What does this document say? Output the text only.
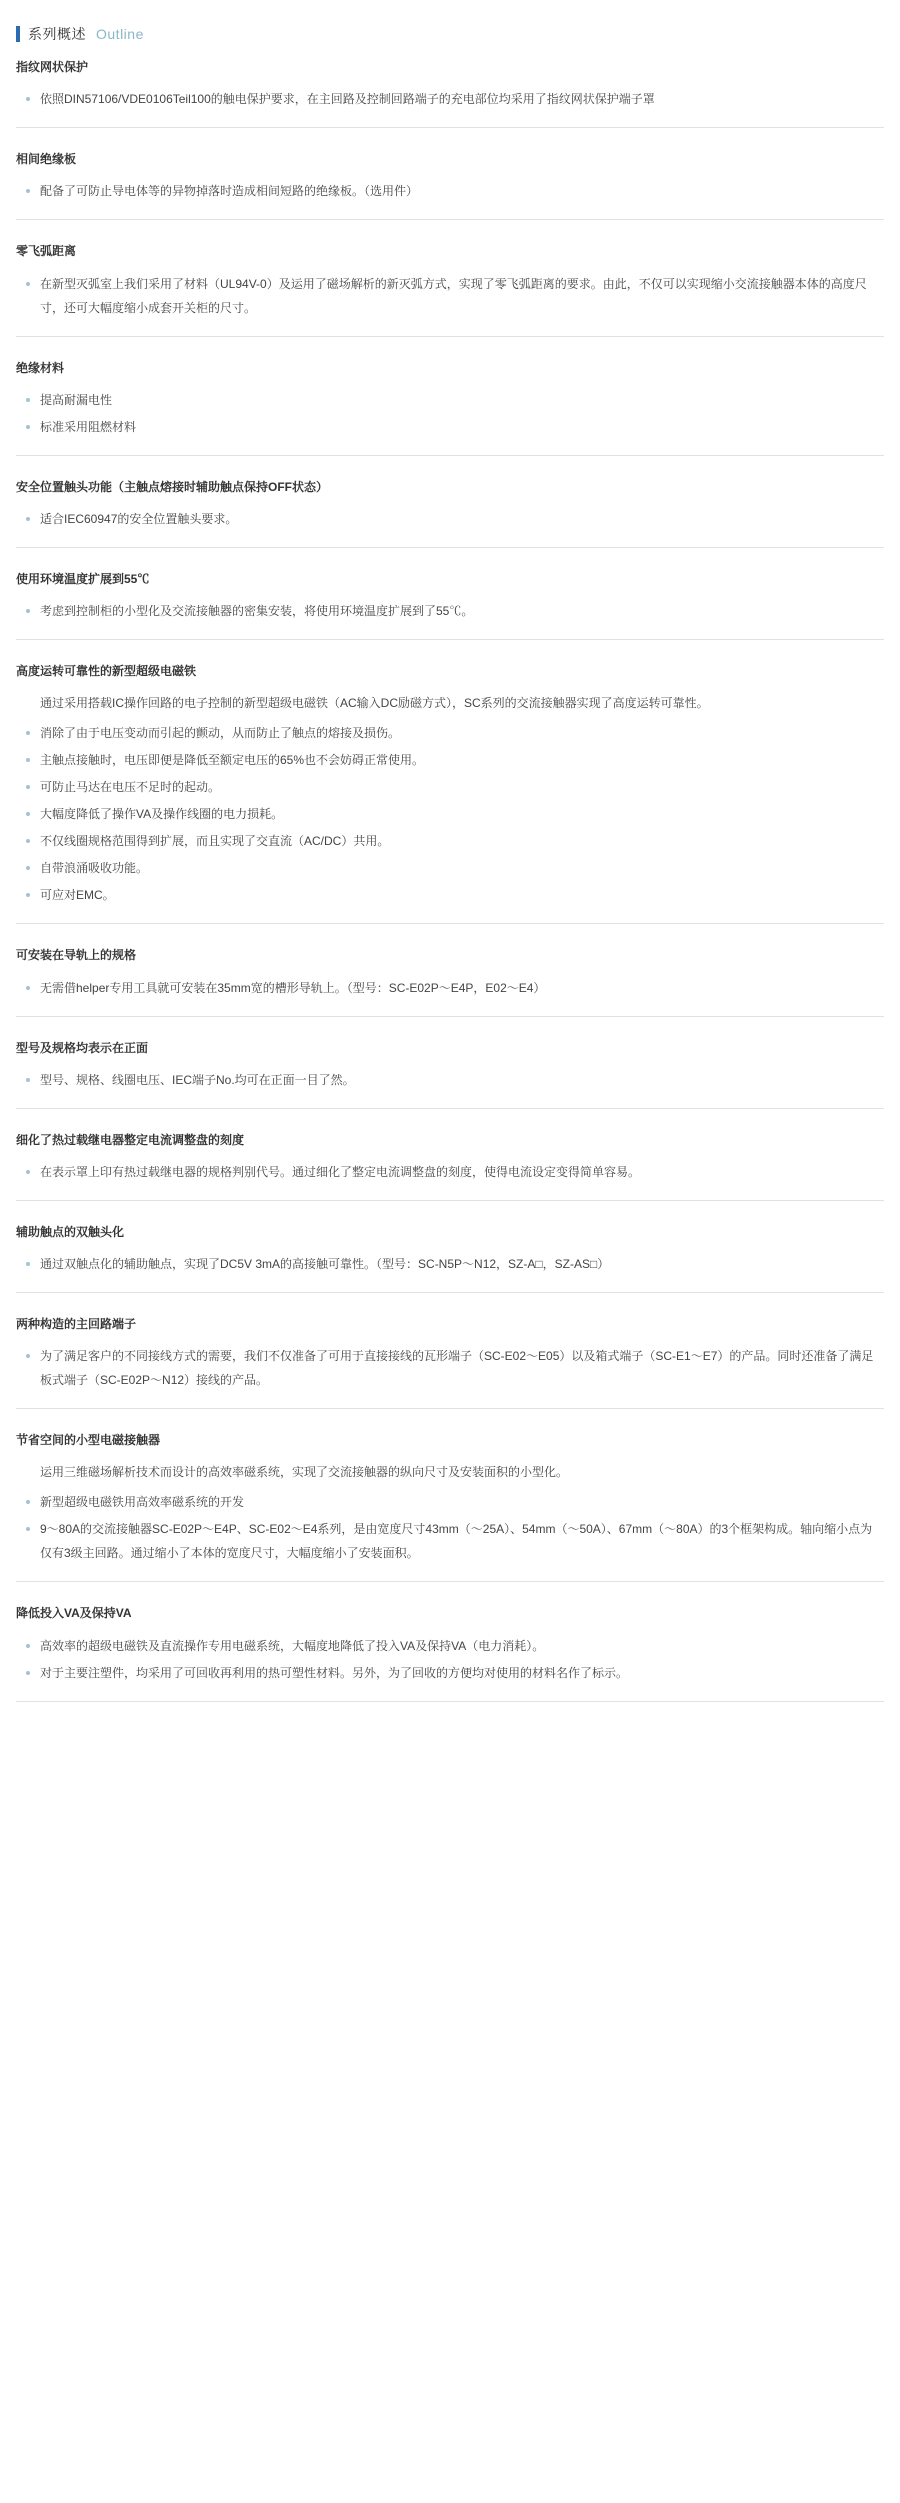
系列概述 Outline
指纹网状保护
依照DIN57106/VDE0106Teil100的触电保护要求，在主回路及控制回路端子的充电部位均采用了指纹网状保护端子罩
相间绝缘板
配备了可防止导电体等的异物掉落时造成相间短路的绝缘板。（选用件）
零飞弧距离
在新型灭弧室上我们采用了材料（UL94V-0）及运用了磁场解析的新灭弧方式，实现了零飞弧距离的要求。由此，不仅可以实现缩小交流接触器本体的高度尺寸，还可大幅度缩小成套开关柜的尺寸。
绝缘材料
提高耐漏电性
标准采用阻燃材料
安全位置触头功能（主触点熔接时辅助触点保持OFF状态）
适合IEC60947的安全位置触头要求。
使用环境温度扩展到55℃
考虑到控制柜的小型化及交流接触器的密集安装，将使用环境温度扩展到了55℃。
高度运转可靠性的新型超级电磁铁

通过采用搭载IC操作回路的电子控制的新型超级电磁铁（AC输入DC励磁方式），SC系列的交流接触器实现了高度运转可靠性。

消除了由于电压变动而引起的颤动，从而防止了触点的熔接及损伤。
主触点接触时，电压即便是降低至额定电压的65%也不会妨碍正常使用。
可防止马达在电压不足时的起动。
大幅度降低了操作VA及操作线圈的电力损耗。
不仅线圈规格范围得到扩展，而且实现了交直流（AC/DC）共用。
自带浪涌吸收功能。
可应对EMC。
可安装在导轨上的规格
无需借helper专用工具就可安装在35mm宽的槽形导轨上。（型号：SC-E02P～E4P，E02～E4）
型号及规格均表示在正面
型号、规格、线圈电压、IEC端子No.均可在正面一目了然。
细化了热过载继电器整定电流调整盘的刻度
在表示罩上印有热过载继电器的规格判别代号。通过细化了整定电流调整盘的刻度，使得电流设定变得简单容易。
辅助触点的双触头化
通过双触点化的辅助触点，实现了DC5V 3mA的高接触可靠性。（型号：SC-N5P～N12，SZ-A□，SZ-AS□）
两种构造的主回路端子
为了满足客户的不同接线方式的需要，我们不仅准备了可用于直接接线的瓦形端子（SC-E02～E05）以及箱式端子（SC-E1～E7）的产品。同时还准备了满足板式端子（SC-E02P～N12）接线的产品。
节省空间的小型电磁接触器

运用三维磁场解析技术而设计的高效率磁系统，实现了交流接触器的纵向尺寸及安装面积的小型化。

新型超级电磁铁用高效率磁系统的开发
9～80A的交流接触器SC-E02P～E4P、SC-E02～E4系列，是由宽度尺寸43mm（～25A）、54mm（～50A）、67mm（～80A）的3个框架构成。轴向缩小点为仅有3级主回路。通过缩小了本体的宽度尺寸，大幅度缩小了安装面积。
降低投入VA及保持VA
高效率的超级电磁铁及直流操作专用电磁系统，大幅度地降低了投入VA及保持VA（电力消耗）。
对于主要注塑件，均采用了可回收再利用的热可塑性材料。另外，为了回收的方便均对使用的材料名作了标示。
